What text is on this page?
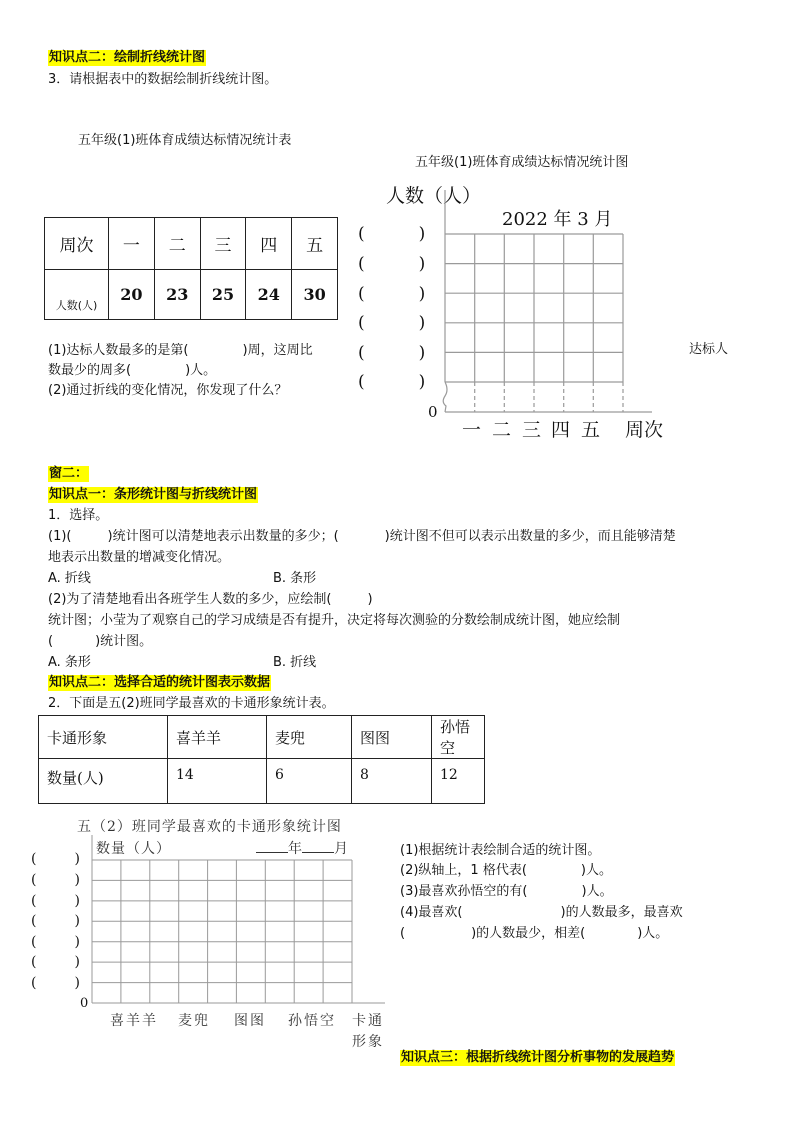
知识点二：绘制折线统计图
3．请根据表中的数据绘制折线统计图。
五年级(1)班体育成绩达标情况统计表
周次	一	二	三	四	五
人数(人)	20	23	25	24	30
(1)达标人数最多的是第(	)周，这周比
数最少的周多(	)人。
(2)通过折线的变化情况，你发现了什么？
五年级(1)班体育成绩达标情况统计图
人数（人）
2022 年 3 月
(	)
(	)
(	)
(	)
(	)
(	)
0
一 二 三 四 五 周次
达标人
窗二：
知识点一：条形统计图与折线统计图
1．选择。
(1)(	)统计图可以清楚地表示出数量的多少；(	)统计图不但可以表示出数量的多少，而且能够清楚
地表示出数量的增减变化情况。
A. 折线	B. 条形
(2)为了清楚地看出各班学生人数的多少，应绘制(	)
统计图；小莹为了观察自己的学习成绩是否有提升，决定将每次测验的分数绘制成统计图，她应绘制
(	)统计图。
A. 条形	B. 折线
知识点二：选择合适的统计图表示数据
2．下面是五(2)班同学最喜欢的卡通形象统计表。
卡通形象	喜羊羊	麦兜	图图	孙悟空
数量(人)	14	6	8	12
五（2）班同学最喜欢的卡通形象统计图
数量（人）	年 月
(	)
(	)
(	)
(	)
(	)
(	)
(	)
0
喜羊羊 麦兜 图图 孙悟空 卡通
形象
(1)根据统计表绘制合适的统计图。
(2)纵轴上，1 格代表(	)人。
(3)最喜欢孙悟空的有(	)人。
(4)最喜欢(	)的人数最多，最喜欢
(	)的人数最少，相差(	)人。
知识点三：根据折线统计图分析事物的发展趋势
